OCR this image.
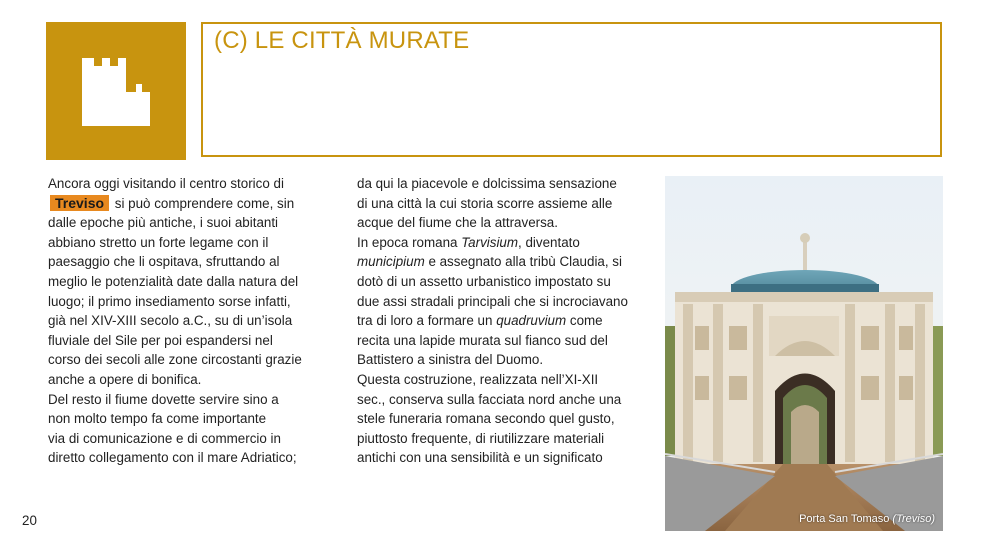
(C) LE CITTÀ MURATE

Ancora oggi visitando il centro storico di

Treviso si può comprendere come, sin

dalle epoche più antiche, i suoi abitanti

abbiano stretto un forte legame con il

paesaggio che li ospitava, sfruttando al

meglio le potenzialità date dalla natura del

luogo; il primo insediamento sorse infatti,

già nel XIV-XIII secolo a.C., su di un’isola

fluviale del Sile per poi espandersi nel

corso dei secoli alle zone circostanti grazie

anche a opere di bonifica.

Del resto il fiume dovette servire sino a

non molto tempo fa come importante

via di comunicazione e di commercio in

diretto collegamento con il mare Adriatico;

20

da qui la piacevole e dolcissima sensazione

di una città la cui storia scorre assieme alle

acque del fiume che la attraversa.

In epoca romana Tarvisium, diventato

municipium e assegnato alla tribù Claudia, si

dotò di un assetto urbanistico impostato su

due assi stradali principali che si incrociavano

tra di loro a formare un quadruvium come

recita una lapide murata sul fianco sud del

Battistero a sinistra del Duomo.

Questa costruzione, realizzata nell’XI-XII

sec., conserva sulla facciata nord anche una

stele funeraria romana secondo quel gusto,

piuttosto frequente, di riutilizzare materiali

antichi con una sensibilità e un significato

Porta San Tomaso (Treviso)
